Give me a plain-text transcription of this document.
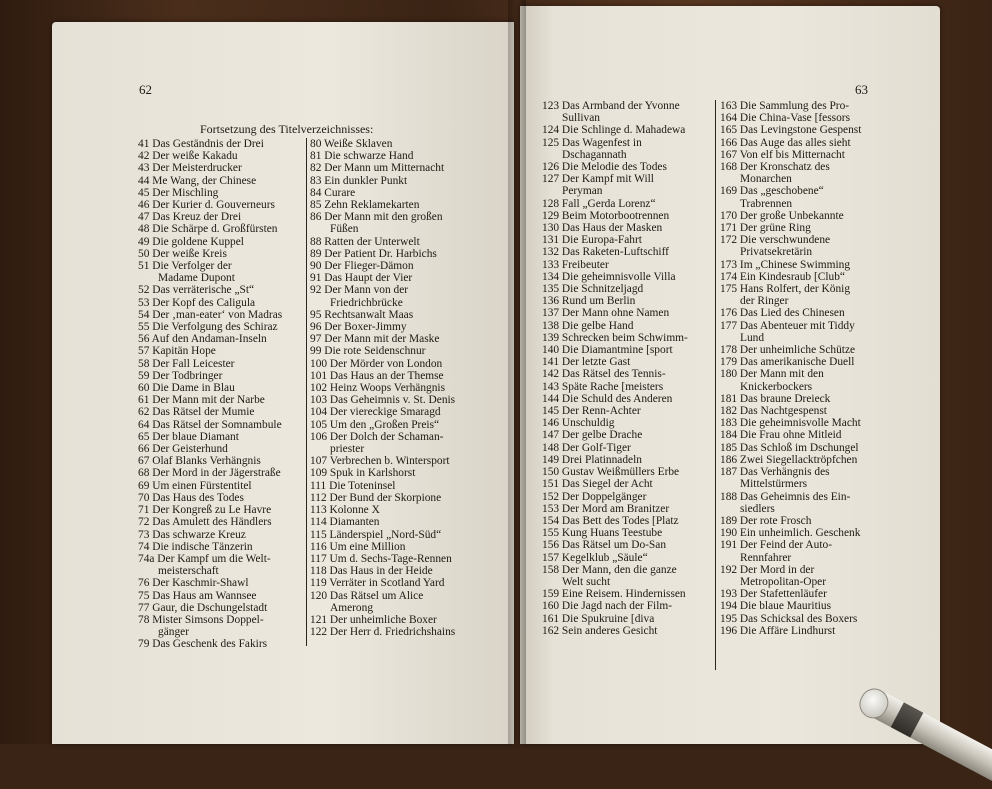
62	63
Fortsetzung des Titelverzeichnisses:
41 Das Geständnis der Drei
42 Der weiße Kakadu
43 Der Meisterdrucker
44 Me Wang, der Chinese
45 Der Mischling
46 Der Kurier d. Gouverneurs
47 Das Kreuz der Drei
48 Die Schärpe d. Großfürsten
49 Die goldene Kuppel
50 Der weiße Kreis
51 Die Verfolger der
Madame Dupont
52 Das verräterische „St“
53 Der Kopf des Caligula
54 Der ‚man-eater‘ von Madras
55 Die Verfolgung des Schiraz
56 Auf den Andaman-Inseln
57 Kapitän Hope
58 Der Fall Leicester
59 Der Todbringer
60 Die Dame in Blau
61 Der Mann mit der Narbe
62 Das Rätsel der Mumie
64 Das Rätsel der Somnambule
65 Der blaue Diamant
66 Der Geisterhund
67 Olaf Blanks Verhängnis
68 Der Mord in der Jägerstraße
69 Um einen Fürstentitel
70 Das Haus des Todes
71 Der Kongreß zu Le Havre
72 Das Amulett des Händlers
73 Das schwarze Kreuz
74 Die indische Tänzerin
74a Der Kampf um die Welt-
meisterschaft
76 Der Kaschmir-Shawl
75 Das Haus am Wannsee
77 Gaur, die Dschungelstadt
78 Mister Simsons Doppel-
gänger
79 Das Geschenk des Fakirs
80 Weiße Sklaven
81 Die schwarze Hand
82 Der Mann um Mitternacht
83 Ein dunkler Punkt
84 Curare
85 Zehn Reklamekarten
86 Der Mann mit den großen
Füßen
88 Ratten der Unterwelt
89 Der Patient Dr. Harbichs
90 Der Flieger-Dämon
91 Das Haupt der Vier
92 Der Mann von der
Friedrichbrücke
95 Rechtsanwalt Maas
96 Der Boxer-Jimmy
97 Der Mann mit der Maske
99 Die rote Seidenschnur
100 Der Mörder von London
101 Das Haus an der Themse
102 Heinz Woops Verhängnis
103 Das Geheimnis v. St. Denis
104 Der viereckige Smaragd
105 Um den „Großen Preis“
106 Der Dolch der Schaman-
priester
107 Verbrechen b. Wintersport
109 Spuk in Karlshorst
111 Die Toteninsel
112 Der Bund der Skorpione
113 Kolonne X
114 Diamanten
115 Länderspiel „Nord-Süd“
116 Um eine Million
117 Um d. Sechs-Tage-Rennen
118 Das Haus in der Heide
119 Verräter in Scotland Yard
120 Das Rätsel um Alice
Amerong
121 Der unheimliche Boxer
122 Der Herr d. Friedrichshains
123 Das Armband der Yvonne
Sullivan
124 Die Schlinge d. Mahadewa
125 Das Wagenfest in
Dschagannath
126 Die Melodie des Todes
127 Der Kampf mit Will
Peryman
128 Fall „Gerda Lorenz“
129 Beim Motorbootrennen
130 Das Haus der Masken
131 Die Europa-Fahrt
132 Das Raketen-Luftschiff
133 Freibeuter
134 Die geheimnisvolle Villa
135 Die Schnitzeljagd
136 Rund um Berlin
137 Der Mann ohne Namen
138 Die gelbe Hand
139 Schrecken beim Schwimm-
140 Die Diamantmine [sport
141 Der letzte Gast
142 Das Rätsel des Tennis-
143 Späte Rache [meisters
144 Die Schuld des Anderen
145 Der Renn-Achter
146 Unschuldig
147 Der gelbe Drache
148 Der Golf-Tiger
149 Drei Platinnadeln
150 Gustav Weißmüllers Erbe
151 Das Siegel der Acht
152 Der Doppelgänger
153 Der Mord am Branitzer
154 Das Bett des Todes [Platz
155 Kung Huans Teestube
156 Das Rätsel um Do-San
157 Kegelklub „Säule“
158 Der Mann, den die ganze
Welt sucht
159 Eine Reisem. Hindernissen
160 Die Jagd nach der Film-
161 Die Spukruine [diva
162 Sein anderes Gesicht
163 Die Sammlung des Pro-
164 Die China-Vase [fessors
165 Das Levingstone Gespenst
166 Das Auge das alles sieht
167 Von elf bis Mitternacht
168 Der Kronschatz des
Monarchen
169 Das „geschobene“
Trabrennen
170 Der große Unbekannte
171 Der grüne Ring
172 Die verschwundene
Privatsekretärin
173 Im „Chinese Swimming
174 Ein Kindesraub [Club“
175 Hans Rolfert, der König
der Ringer
176 Das Lied des Chinesen
177 Das Abenteuer mit Tiddy
Lund
178 Der unheimliche Schütze
179 Das amerikanische Duell
180 Der Mann mit den
Knickerbockers
181 Das braune Dreieck
182 Das Nachtgespenst
183 Die geheimnisvolle Macht
184 Die Frau ohne Mitleid
185 Das Schloß im Dschungel
186 Zwei Siegellacktröpfchen
187 Das Verhängnis des
Mittelstürmers
188 Das Geheimnis des Ein-
siedlers
189 Der rote Frosch
190 Ein unheimlich. Geschenk
191 Der Feind der Auto-
Rennfahrer
192 Der Mord in der
Metropolitan-Oper
193 Der Stafettenläufer
194 Die blaue Mauritius
195 Das Schicksal des Boxers
196 Die Affäre Lindhurst
